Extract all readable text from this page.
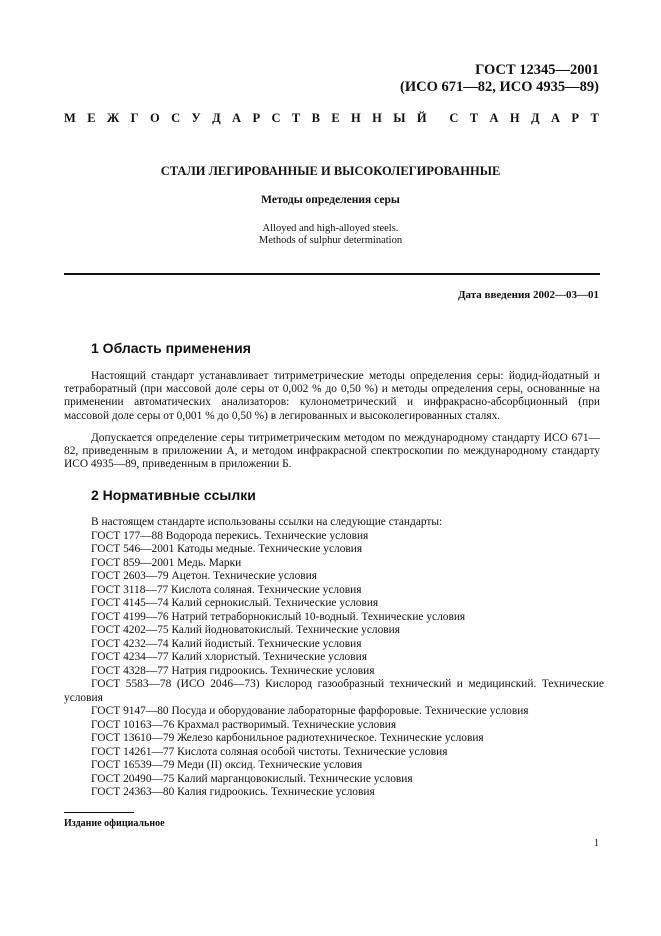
ГОСТ 12345—2001
(ИСО 671—82, ИСО 4935—89)
М Е Ж Г О С У Д А Р С Т В Е Н Н Ы Й С Т А Н Д А Р Т
СТАЛИ ЛЕГИРОВАННЫЕ И ВЫСОКОЛЕГИРОВАННЫЕ
Методы определения серы
Alloyed and high-alloyed steels.
Methods of sulphur determination
Дата введения 2002—03—01
1 Область применения

Настоящий стандарт устанавливает титриметрические методы определения серы: йодид-йодатный и тетраборатный (при массовой доле серы от 0,002 % до 0,50 %) и методы определения серы, основанные на применении автоматических анализаторов: кулонометрический и инфракрасно-абсорбционный (при массовой доле серы от 0,001 % до 0,50 %) в легированных и высоколегированных сталях.

Допускается определение серы титриметрическим методом по международному стандарту ИСО 671—82, приведенным в приложении А, и методом инфракрасной спектроскопии по международному стандарту ИСО 4935—89, приведенным в приложении Б.

2 Нормативные ссылки
В настоящем стандарте использованы ссылки на следующие стандарты:
ГОСТ 177—88 Водорода перекись. Технические условия
ГОСТ 546—2001 Катоды медные. Технические условия
ГОСТ 859—2001 Медь. Марки
ГОСТ 2603—79 Ацетон. Технические условия
ГОСТ 3118—77 Кислота соляная. Технические условия
ГОСТ 4145—74 Калий сернокислый. Технические условия
ГОСТ 4199—76 Натрий тетраборнокислый 10-водный. Технические условия
ГОСТ 4202—75 Калий йодноватокислый. Технические условия
ГОСТ 4232—74 Калий йодистый. Технические условия
ГОСТ 4234—77 Калий хлористый. Технические условия
ГОСТ 4328—77 Натрия гидроокись. Технические условия
ГОСТ 5583—78 (ИСО 2046—73) Кислород газообразный технический и медицинский. Технические условия
ГОСТ 9147—80 Посуда и оборудование лабораторные фарфоровые. Технические условия
ГОСТ 10163—76 Крахмал растворимый. Технические условия
ГОСТ 13610—79 Железо карбонильное радиотехническое. Технические условия
ГОСТ 14261—77 Кислота соляная особой чистоты. Технические условия
ГОСТ 16539—79 Меди (II) оксид. Технические условия
ГОСТ 20490—75 Калий марганцовокислый. Технические условия
ГОСТ 24363—80 Калия гидроокись. Технические условия
Издание официальное
1
